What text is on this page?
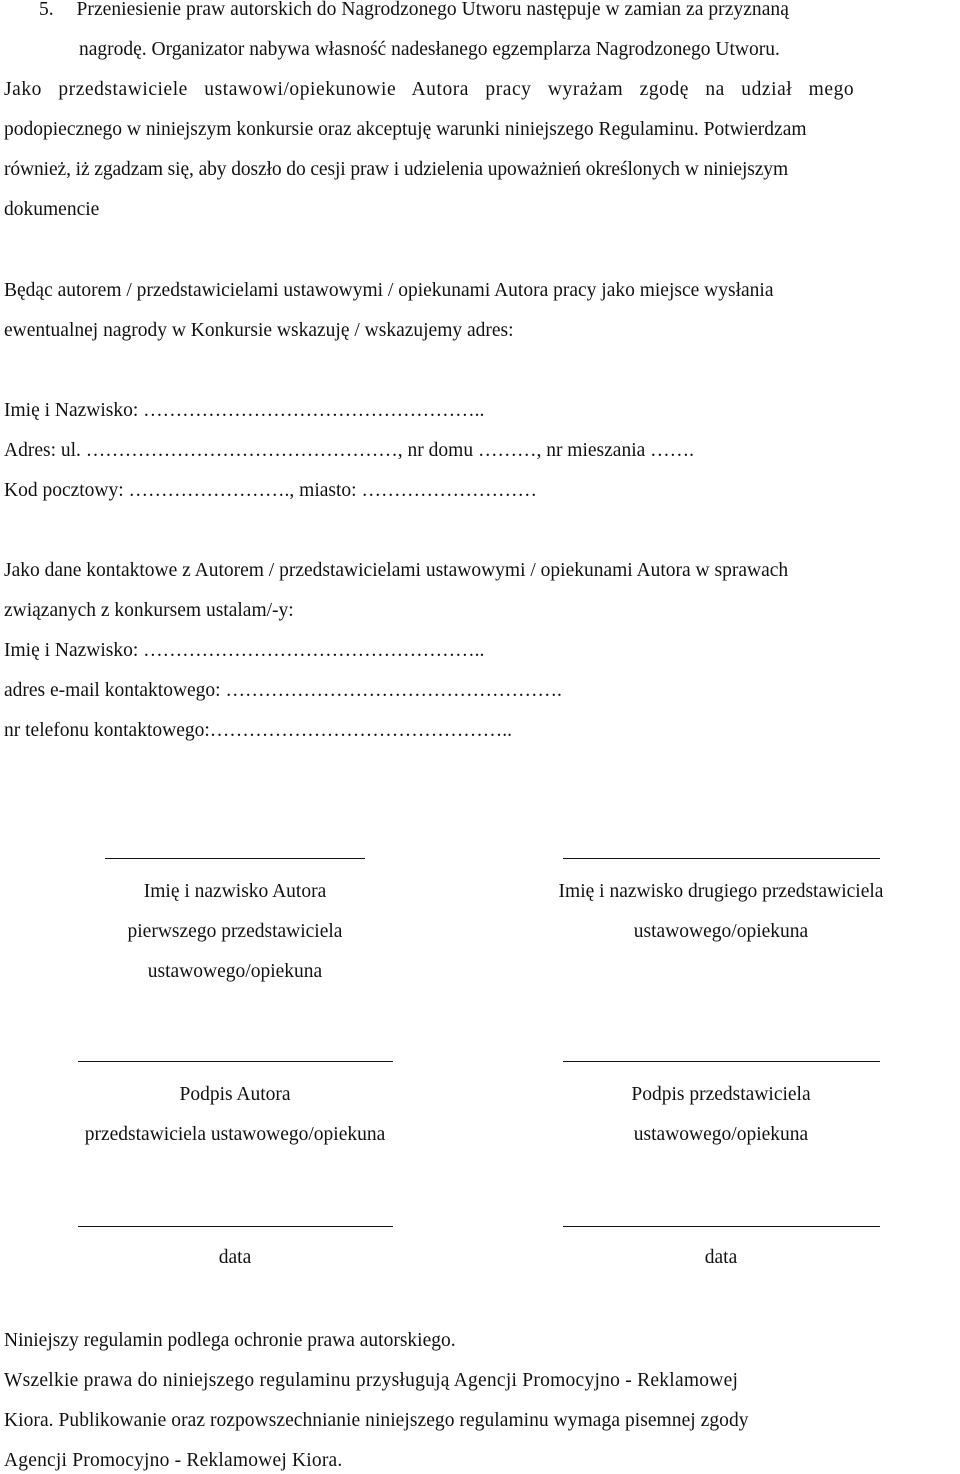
5. Przeniesienie praw autorskich do Nagrodzonego Utworu następuje w zamian za przyznaną
nagrodę. Organizator nabywa własność nadesłanego egzemplarza Nagrodzonego Utworu.
Jako przedstawiciele ustawowi/opiekunowie Autora pracy wyrażam zgodę na udział mego
podopiecznego w niniejszym konkursie oraz akceptuję warunki niniejszego Regulaminu. Potwierdzam
również, iż zgadzam się, aby doszło do cesji praw i udzielenia upoważnień określonych w niniejszym
dokumencie
Będąc autorem / przedstawicielami ustawowymi / opiekunami Autora pracy jako miejsce wysłania
ewentualnej nagrody w Konkursie wskazuję / wskazujemy adres:
Imię i Nazwisko: ……………………………………………..
Adres: ul. …………………………………………, nr domu ………, nr mieszania …….
Kod pocztowy: ……………………., miasto: ………………………
Jako dane kontaktowe z Autorem / przedstawicielami ustawowymi / opiekunami Autora w sprawach
związanych z konkursem ustalam/-y:
Imię i Nazwisko: ……………………………………………..
adres e-mail kontaktowego: …………………………………………….
nr telefonu kontaktowego:………………………………………..
Imię i nazwisko Autora
pierwszego przedstawiciela
ustawowego/opiekuna
Imię i nazwisko drugiego przedstawiciela
ustawowego/opiekuna
Podpis Autora
przedstawiciela ustawowego/opiekuna
Podpis przedstawiciela
ustawowego/opiekuna
data	data
Niniejszy regulamin podlega ochronie prawa autorskiego.
Wszelkie prawa do niniejszego regulaminu przysługują Agencji Promocyjno - Reklamowej
Kiora. Publikowanie oraz rozpowszechnianie niniejszego regulaminu wymaga pisemnej zgody
Agencji Promocyjno - Reklamowej Kiora.
